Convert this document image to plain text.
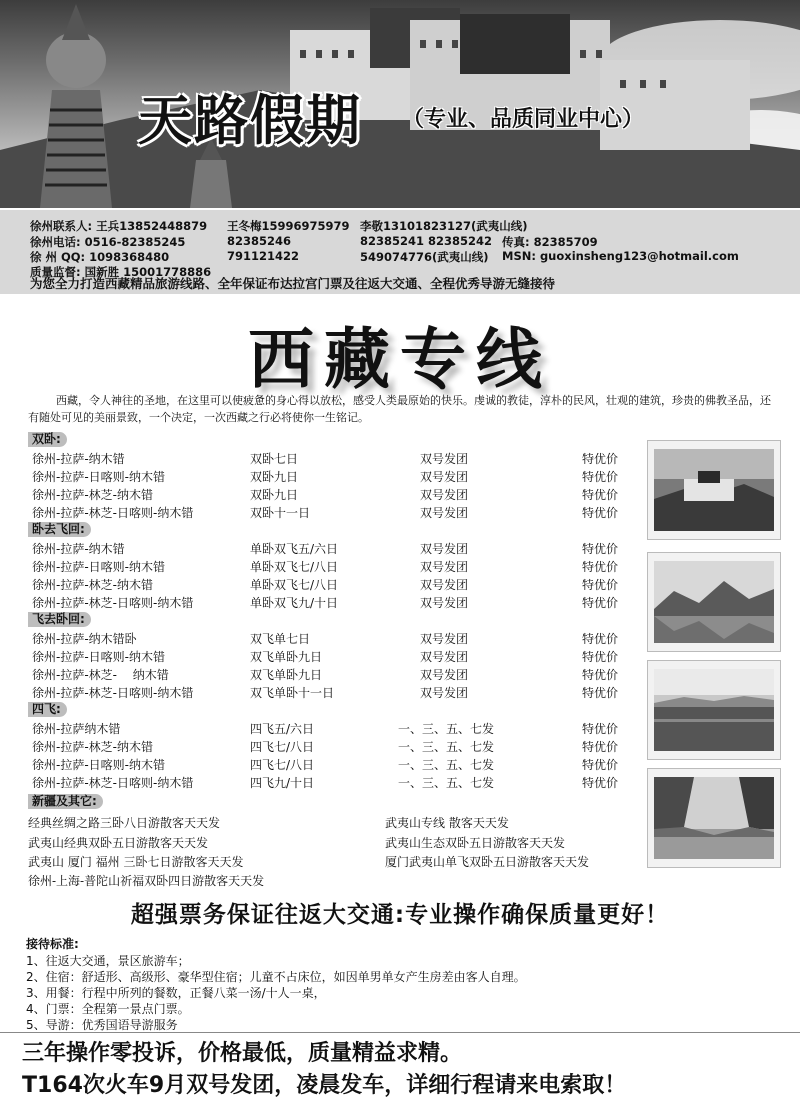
天路假期 （专业、品质同业中心）
徐州联系人: 王兵13852448879 王冬梅15996975979 李敬13101823127(武夷山线)
徐州电话: 0516-82385245	82385246	82385241 82385242 传真: 82385709
徐 州 QQ: 1098368480	791121422	549074776(武夷山线) MSN: guoxinsheng123@hotmail.com
质量监督: 国新胜 15001778886
为您全力打造西藏精品旅游线路、全年保证布达拉宫门票及往返大交通、全程优秀导游无缝接待
西藏专线
西藏，令人神往的圣地，在这里可以使疲惫的身心得以放松，感受人类最原始的快乐。虔诚的教徒，淳朴的民风，壮观的建筑，珍贵的佛教圣品，还有随处可见的美丽景致，一个决定，一次西藏之行必将使你一生铭记。
双卧:
徐州-拉萨-纳木错	双卧七日	双号发团	特优价
徐州-拉萨-日喀则-纳木错	双卧九日	双号发团	特优价
徐州-拉萨-林芝-纳木错	双卧九日	双号发团	特优价
徐州-拉萨-林芝-日喀则-纳木错	双卧十一日	双号发团	特优价
卧去飞回:
徐州-拉萨-纳木错	单卧双飞五/六日	双号发团	特优价
徐州-拉萨-日喀则-纳木错	单卧双飞七/八日	双号发团	特优价
徐州-拉萨-林芝-纳木错	单卧双飞七/八日	双号发团	特优价
徐州-拉萨-林芝-日喀则-纳木错	单卧双飞九/十日	双号发团	特优价
飞去卧回:
徐州-拉萨-纳木错卧	双飞单七日	双号发团	特优价
徐州-拉萨-日喀则-纳木错	双飞单卧九日	双号发团	特优价
徐州-拉萨-林芝-　 纳木错	双飞单卧九日	双号发团	特优价
徐州-拉萨-林芝-日喀则-纳木错	双飞单卧十一日	双号发团	特优价
四飞:
徐州-拉萨纳木错	四飞五/六日	一、三、五、七发	特优价
徐州-拉萨-林芝-纳木错	四飞七/八日	一、三、五、七发	特优价
徐州-拉萨-日喀则-纳木错	四飞七/八日	一、三、五、七发	特优价
徐州-拉萨-林芝-日喀则-纳木错	四飞九/十日	一、三、五、七发	特优价
新疆及其它:
经典丝绸之路三卧八日游散客天天发
武夷山经典双卧五日游散客天天发
武夷山 厦门 福州 三卧七日游散客天天发
徐州-上海-普陀山祈福双卧四日游散客天天发
武夷山专线 散客天天发
武夷山生态双卧五日游散客天天发
厦门武夷山单飞双卧五日游散客天天发
超强票务保证往返大交通:专业操作确保质量更好！
接待标准:
1、往返大交通，景区旅游车；
2、住宿：舒适形、高级形、豪华型住宿；儿童不占床位，如因单男单女产生房差由客人自理。
3、用餐：行程中所列的餐数，正餐八菜一汤/十人一桌，
4、门票：全程第一景点门票。
5、导游：优秀国语导游服务
三年操作零投诉，价格最低，质量精益求精。
T164次火车9月双号发团，凌晨发车，详细行程请来电索取！
